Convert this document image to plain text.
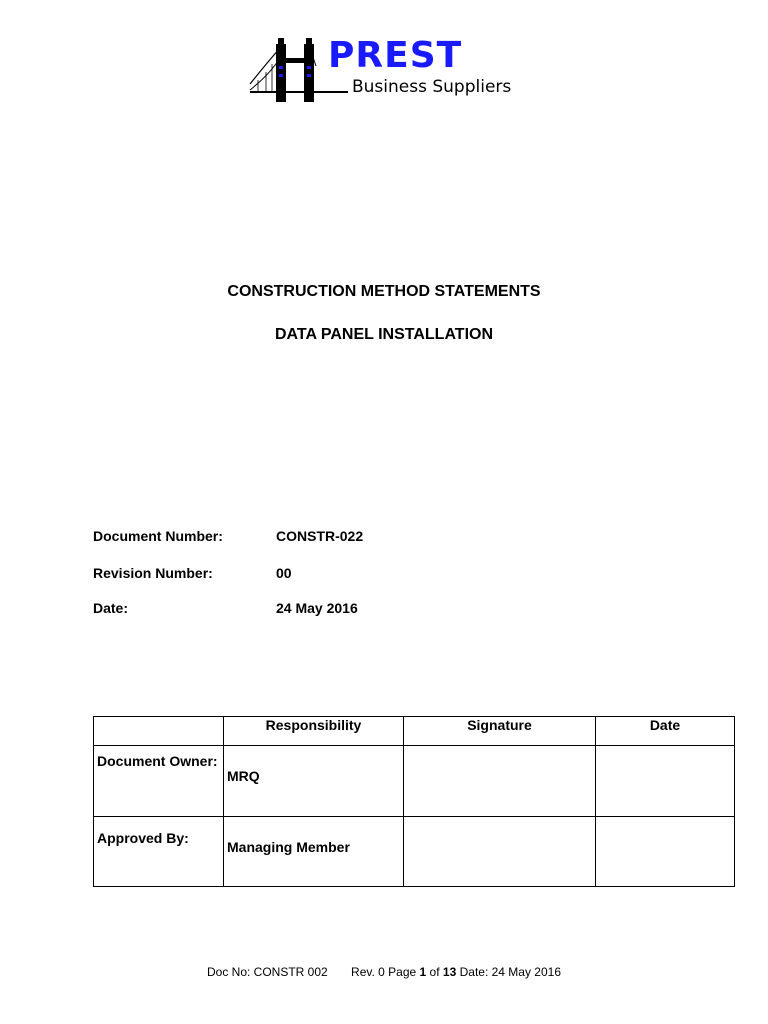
PREST
Business Suppliers
CONSTRUCTION METHOD STATEMENTS
DATA PANEL INSTALLATION
Document Number:	CONSTR-022
Revision Number:	00
Date:	24 May 2016
	Responsibility	Signature	Date
Document Owner:	MRQ		
Approved By:	Managing Member		
Doc No: CONSTR 002 Rev. 0 Page 1 of 13 Date: 24 May 2016
